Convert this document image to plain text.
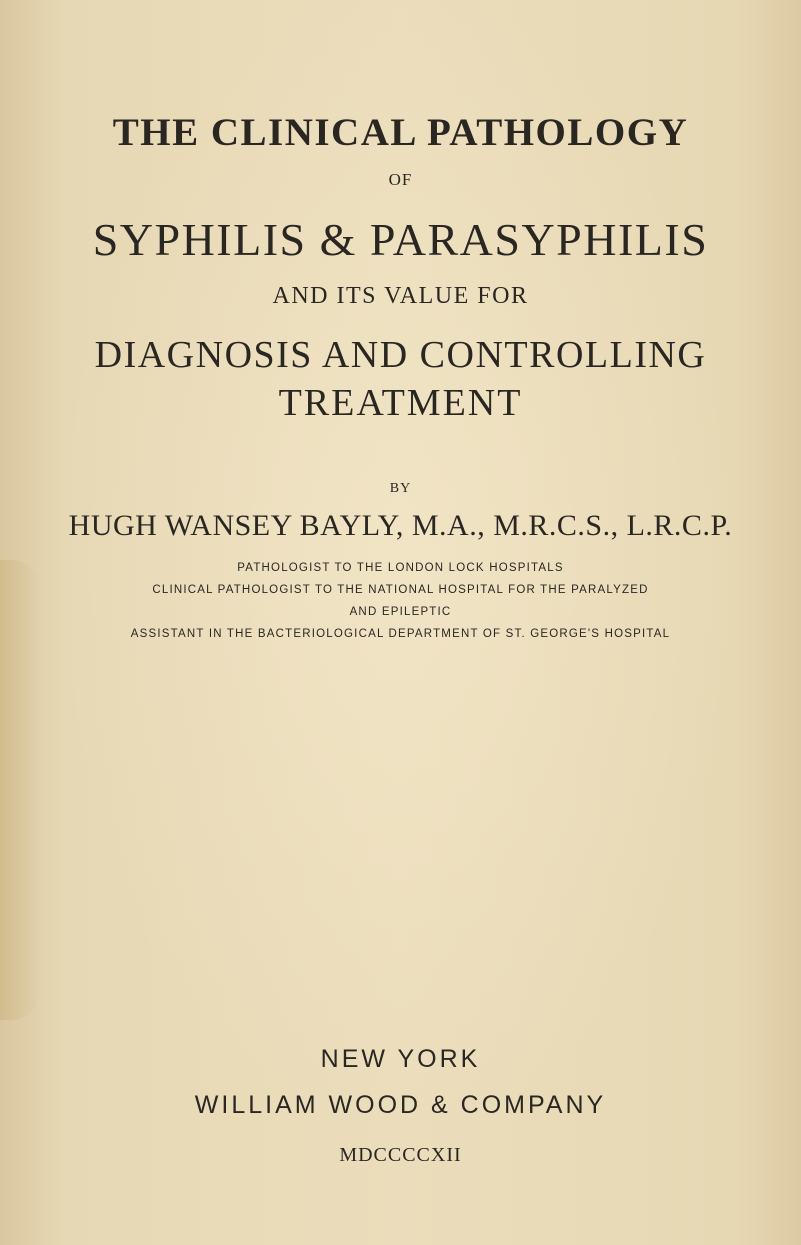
THE CLINICAL PATHOLOGY
OF
SYPHILIS & PARASYPHILIS
AND ITS VALUE FOR
DIAGNOSIS AND CONTROLLING
TREATMENT
BY
HUGH WANSEY BAYLY, M.A., M.R.C.S., L.R.C.P.
PATHOLOGIST TO THE LONDON LOCK HOSPITALS
CLINICAL PATHOLOGIST TO THE NATIONAL HOSPITAL FOR THE PARALYZED
AND EPILEPTIC
ASSISTANT IN THE BACTERIOLOGICAL DEPARTMENT OF ST. GEORGE'S HOSPITAL
NEW YORK
WILLIAM WOOD & COMPANY
MDCCCCXII
